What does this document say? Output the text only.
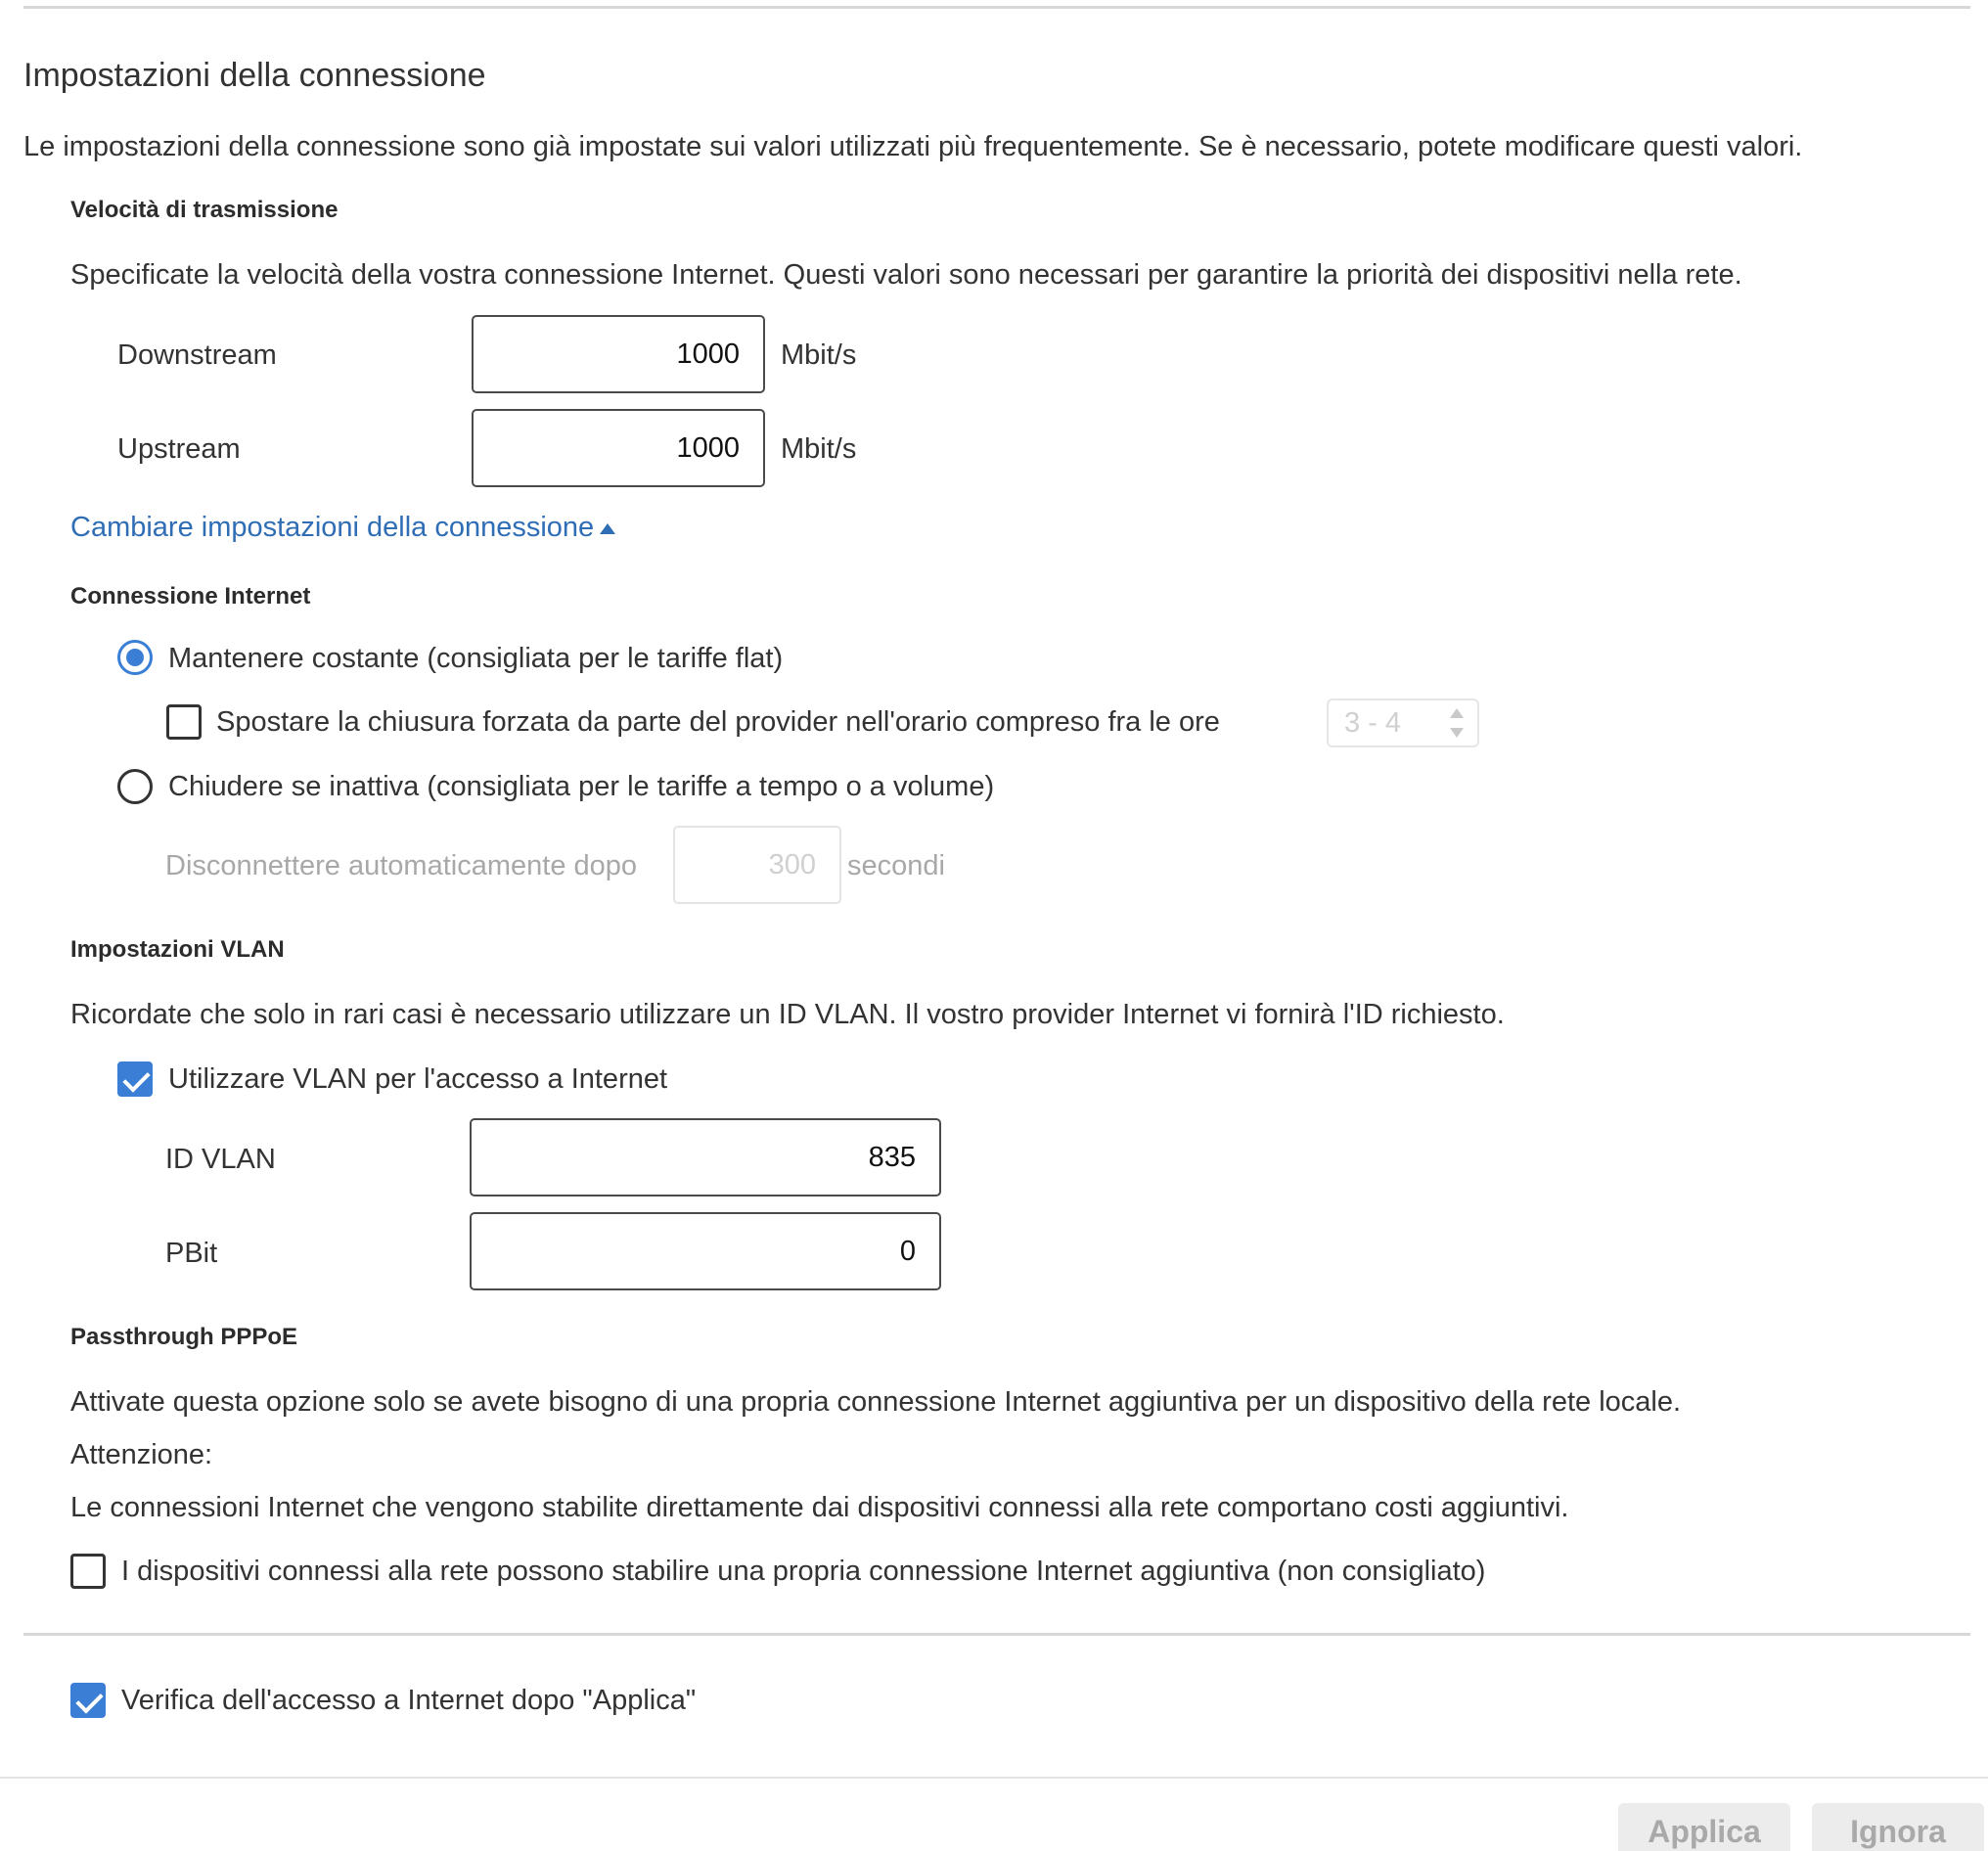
Impostazioni della connessione
Le impostazioni della connessione sono già impostate sui valori utilizzati più frequentemente. Se è necessario, potete modificare questi valori.
Velocità di trasmissione
Specificate la velocità della vostra connessione Internet. Questi valori sono necessari per garantire la priorità dei dispositivi nella rete.
Downstream
1000	Mbit/s
Upstream
1000	Mbit/s
Cambiare impostazioni della connessione
Connessione Internet
Mantenere costante (consigliata per le tariffe flat)
Spostare la chiusura forzata da parte del provider nell'orario compreso fra le ore	3 - 4
Chiudere se inattiva (consigliata per le tariffe a tempo o a volume)
Disconnettere automaticamente dopo
300	secondi
Impostazioni VLAN
Ricordate che solo in rari casi è necessario utilizzare un ID VLAN. Il vostro provider Internet vi fornirà l'ID richiesto.
Utilizzare VLAN per l'accesso a Internet
ID VLAN
835
PBit
0
Passthrough PPPoE
Attivate questa opzione solo se avete bisogno di una propria connessione Internet aggiuntiva per un dispositivo della rete locale.
Attenzione:
Le connessioni Internet che vengono stabilite direttamente dai dispositivi connessi alla rete comportano costi aggiuntivi.
I dispositivi connessi alla rete possono stabilire una propria connessione Internet aggiuntiva (non consigliato)
Verifica dell'accesso a Internet dopo "Applica"
Applica	Ignora
